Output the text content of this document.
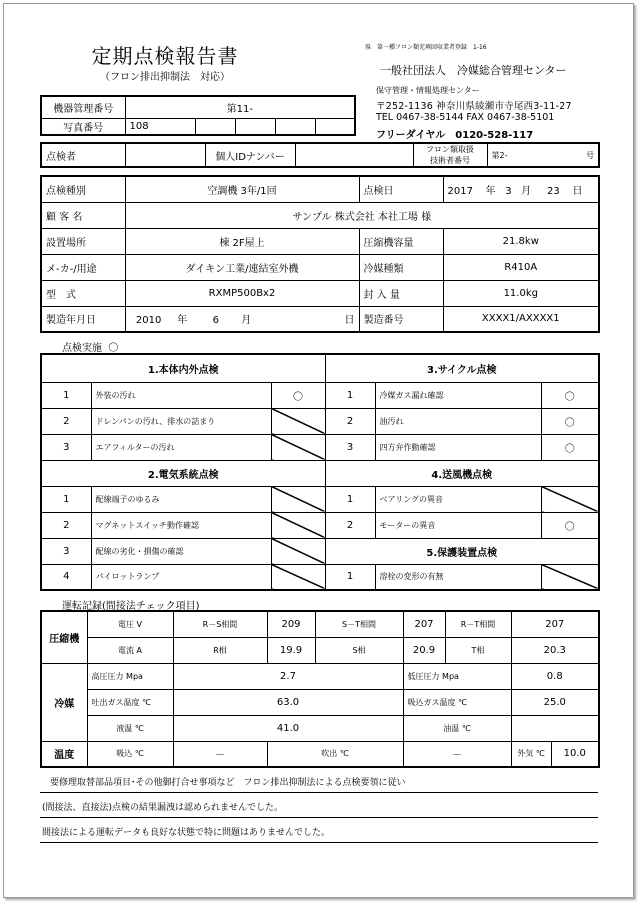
定期点検報告書
（フロン排出抑制法　対応）
県　第一種フロン類充填回収業者登録　1-16
一般社団法人　冷媒総合管理センター
保守管理・情報処理センター
〒252-1136 神奈川県綾瀬市寺尾西3-11-27
TEL 0467-38-5144 FAX 0467-38-5101
フリーダイヤル　0120-528-117
機器管理番号	第11-				
写真番号	108				
点検者		個人IDナンバー		フロン類取扱
技術者番号	第2-	号
点検種別	空調機 3年/1回	点検日	2017 年 3 月 23 日
顧 客 名	サンプル 株式会社 本社工場 様		
設置場所	棟 2F屋上	圧縮機容量	21.8kw
メ-カ-/用途	ダイキン工業/連結室外機	冷媒種類	R410A
型　式	RXMP500Bx2	封 入 量	11.0kg
製造年月日	2010 年 6 月 日	製造番号	XXXX1/AXXXX1
点検実施 〇
1.本体内外点検			3.サイクル点検		
1	外装の汚れ	〇	1	冷媒ガス漏れ確認	〇
2	ドレンパンの汚れ、排水の詰まり		2	油汚れ	〇
3	エアフィルターの汚れ		3	四方弁作動確認	〇
2.電気系統点検			4.送風機点検		
1	配線端子のゆるみ		1	ベアリングの異音	
2	マグネットスイッチ動作確認		2	モーターの異音	〇
3	配線の劣化・損傷の確認		5.保護装置点検		
4	パイロットランプ		1	溶栓の変形の有無	
運転記録(間接法チェック項目)
圧縮機	電圧 V	R－S相間	209	S－T相間	207	R－T相間	207	
	電流 A	R相	19.9	S相	20.9	T相	20.3	
冷媒	高圧圧力 Mpa	2.7			低圧圧力 Mpa		0.8	
	吐出ガス温度 ℃	63.0			吸込ガス温度 ℃		25.0	
	液温 ℃	41.0			油温 ℃			
温度	吸込 ℃	－	吹出 ℃		－		外気 ℃	10.0
要修理取替部品項目･その他御打合せ事項など　フロン排出抑制法による点検要領に従い
(間接法、直接法)点検の結果漏洩は認められませんでした。
間接法による運転データも良好な状態で特に問題はありませんでした。
